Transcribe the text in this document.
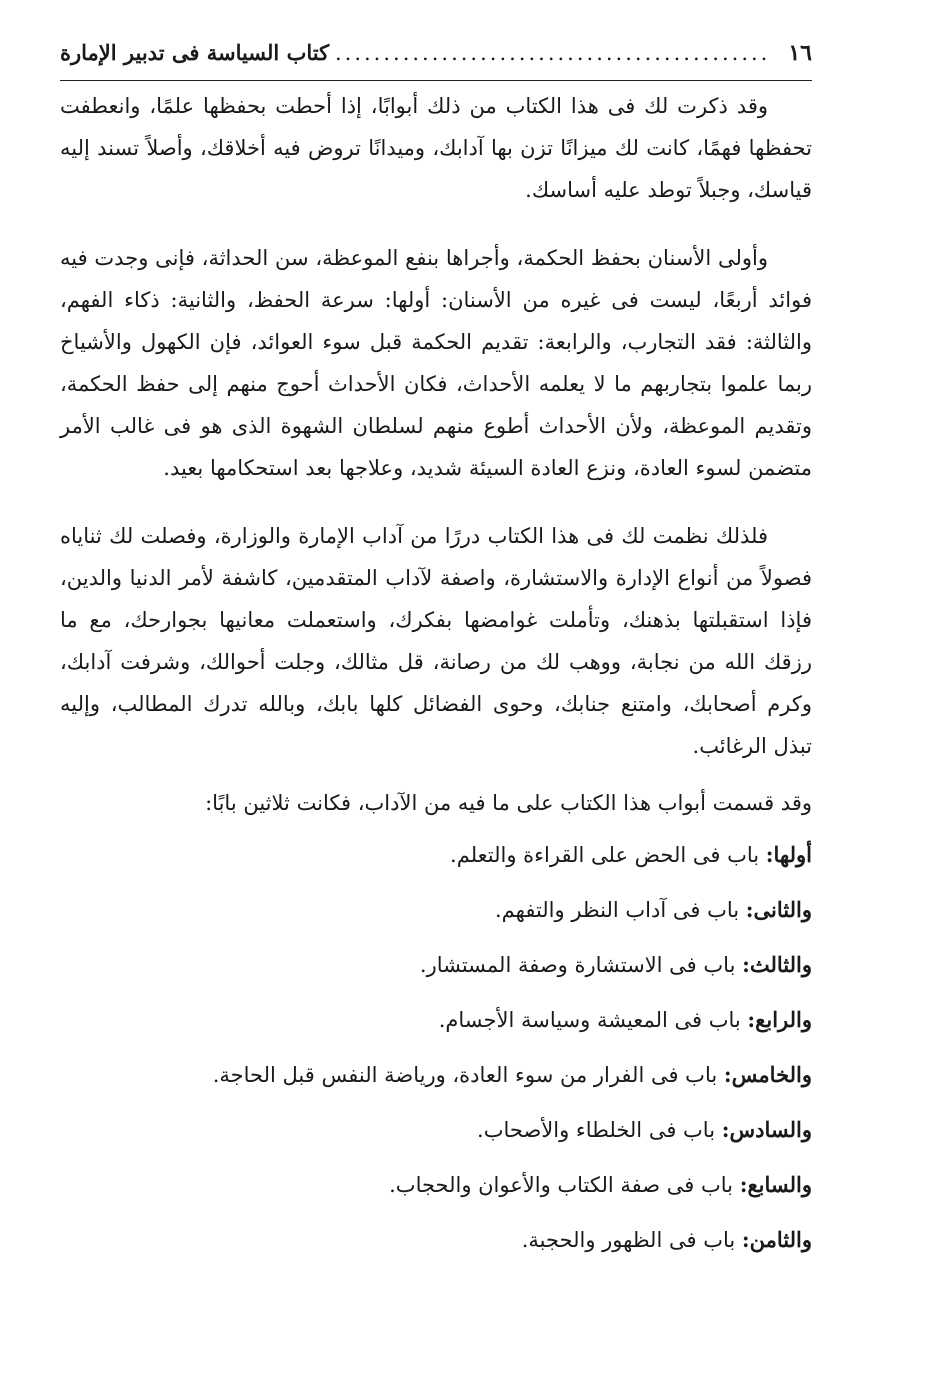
١٦
.....
كتاب السياسة فى تدبير الإمارة

وقد ذكرت لك فى هذا الكتاب من ذلك أبوابًا، إذا أحطت بحفظها علمًا، وانعطفت تحفظها فهمًا، كانت لك ميزانًا تزن بها آدابك، وميدانًا تروض فيه أخلاقك، وأصلاً تسند إليه قياسك، وجبلاً توطد عليه أساسك.

وأولى الأسنان بحفظ الحكمة، وأجراها بنفع الموعظة، سن الحداثة، فإنى وجدت فيه فوائد أربعًا، ليست فى غيره من الأسنان: أولها: سرعة الحفظ، والثانية: ذكاء الفهم، والثالثة: فقد التجارب، والرابعة: تقديم الحكمة قبل سوء العوائد، فإن الكهول والأشياخ ربما علموا بتجاربهم ما لا يعلمه الأحداث، فكان الأحداث أحوج منهم إلى حفظ الحكمة، وتقديم الموعظة، ولأن الأحداث أطوع منهم لسلطان الشهوة الذى هو فى غالب الأمر متضمن لسوء العادة، ونزع العادة السيئة شديد، وعلاجها بعد استحكامها بعيد.

فلذلك نظمت لك فى هذا الكتاب دررًا من آداب الإمارة والوزارة، وفصلت لك ثناياه فصولاً من أنواع الإدارة والاستشارة، واصفة لآداب المتقدمين، كاشفة لأمر الدنيا والدين، فإذا استقبلتها بذهنك، وتأملت غوامضها بفكرك، واستعملت معانيها بجوارحك، مع ما رزقك الله من نجابة، ووهب لك من رصانة، قل مثالك، وجلت أحوالك، وشرفت آدابك، وكرم أصحابك، وامتنع جنابك، وحوى الفضائل كلها بابك، وبالله تدرك المطالب، وإليه تبذل الرغائب.

وقد قسمت أبواب هذا الكتاب على ما فيه من الآداب، فكانت ثلاثين بابًا:

أولها: باب فى الحض على القراءة والتعلم.
والثانى: باب فى آداب النظر والتفهم.
والثالث: باب فى الاستشارة وصفة المستشار.
والرابع: باب فى المعيشة وسياسة الأجسام.
والخامس: باب فى الفرار من سوء العادة، ورياضة النفس قبل الحاجة.
والسادس: باب فى الخلطاء والأصحاب.
والسابع: باب فى صفة الكتاب والأعوان والحجاب.
والثامن: باب فى الظهور والحجبة.
